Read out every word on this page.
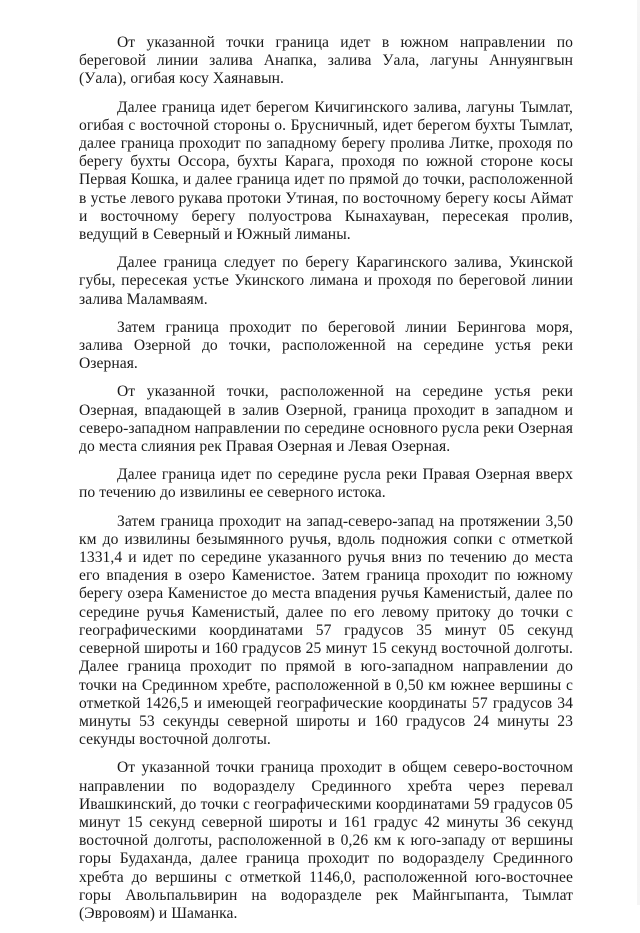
От указанной точки граница идет в южном направлении по береговой линии залива Анапка, залива Уала, лагуны Аннуянгвын (Уала), огибая косу Хаянавын.

Далее граница идет берегом Кичигинского залива, лагуны Тымлат, огибая с восточной стороны о. Брусничный, идет берегом бухты Тымлат, далее граница проходит по западному берегу пролива Литке, проходя по берегу бухты Оссора, бухты Карага, проходя по южной стороне косы Первая Кошка, и далее граница идет по прямой до точки, расположенной в устье левого рукава протоки Утиная, по восточному берегу косы Аймат и восточному берегу полуострова Кынахауван, пересекая пролив, ведущий в Северный и Южный лиманы.

Далее граница следует по берегу Карагинского залива, Укинской губы, пересекая устье Укинского лимана и проходя по береговой линии залива Маламваям.

Затем граница проходит по береговой линии Берингова моря, залива Озерной до точки, расположенной на середине устья реки Озерная.

От указанной точки, расположенной на середине устья реки Озерная, впадающей в залив Озерной, граница проходит в западном и северо-западном направлении по середине основного русла реки Озерная до места слияния рек Правая Озерная и Левая Озерная.

Далее граница идет по середине русла реки Правая Озерная вверх по течению до извилины ее северного истока.

Затем граница проходит на запад-северо-запад на протяжении 3,50 км до извилины безымянного ручья, вдоль подножия сопки с отметкой 1331,4 и идет по середине указанного ручья вниз по течению до места его впадения в озеро Каменистое. Затем граница проходит по южному берегу озера Каменистое до места впадения ручья Каменистый, далее по середине ручья Каменистый, далее по его левому притоку до точки с географическими координатами 57 градусов 35 минут 05 секунд северной широты и 160 градусов 25 минут 15 секунд восточной долготы. Далее граница проходит по прямой в юго-западном направлении до точки на Срединном хребте, расположенной в 0,50 км южнее вершины с отметкой 1426,5 и имеющей географические координаты 57 градусов 34 минуты 53 секунды северной широты и 160 градусов 24 минуты 23 секунды восточной долготы.

От указанной точки граница проходит в общем северо-восточном направлении по водоразделу Срединного хребта через перевал Ивашкинский, до точки с географическими координатами 59 градусов 05 минут 15 секунд северной широты и 161 градус 42 минуты 36 секунд восточной долготы, расположенной в 0,26 км к юго-западу от вершины горы Будаханда, далее граница проходит по водоразделу Срединного хребта до вершины с отметкой 1146,0, расположенной юго-восточнее горы Авольпальвирин на водоразделе рек Майнгыпанта, Тымлат (Эвровоям) и Шаманка.
